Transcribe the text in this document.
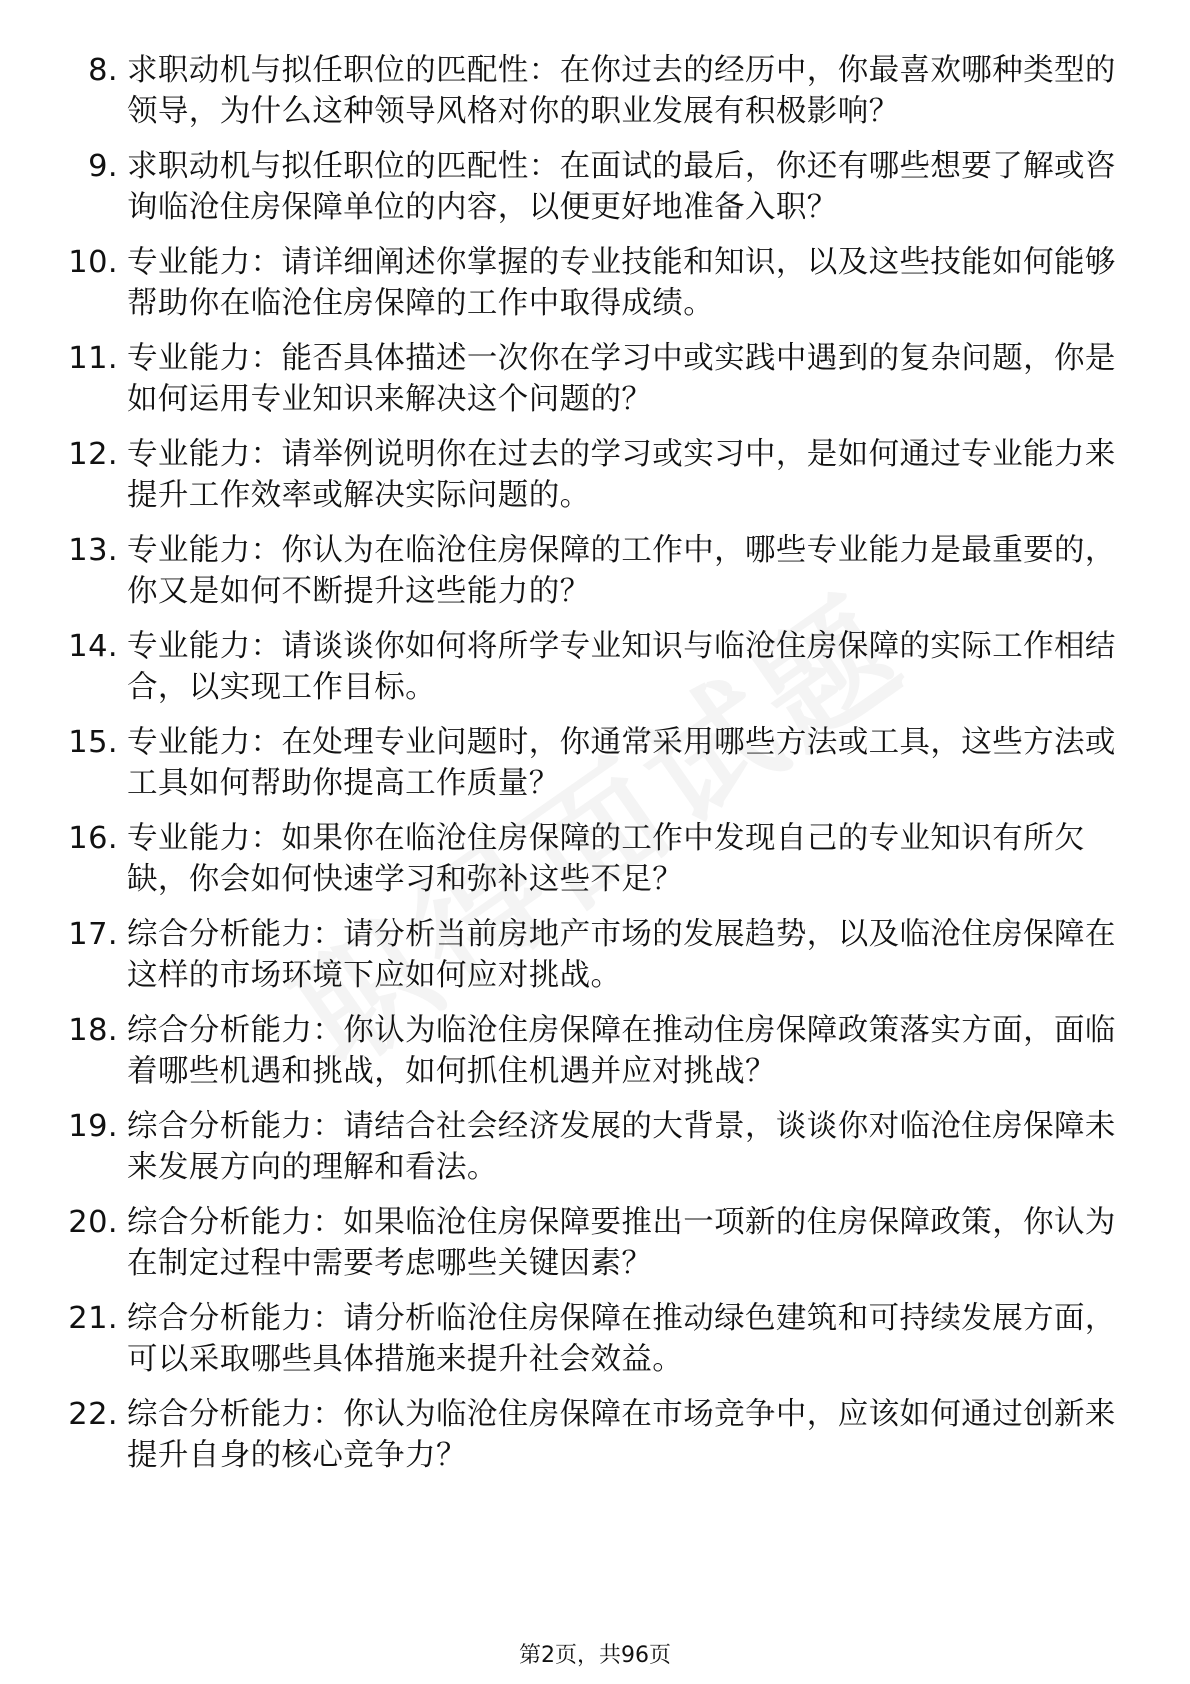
8. 求职动机与拟任职位的匹配性：在你过去的经历中，你最喜欢哪种类型的领导，为什么这种领导风格对你的职业发展有积极影响？
9. 求职动机与拟任职位的匹配性：在面试的最后，你还有哪些想要了解或咨询临沧住房保障单位的内容，以便更好地准备入职？
10. 专业能力：请详细阐述你掌握的专业技能和知识，以及这些技能如何能够帮助你在临沧住房保障的工作中取得成绩。
11. 专业能力：能否具体描述一次你在学习中或实践中遇到的复杂问题，你是如何运用专业知识来解决这个问题的？
12. 专业能力：请举例说明你在过去的学习或实习中，是如何通过专业能力来提升工作效率或解决实际问题的。
13. 专业能力：你认为在临沧住房保障的工作中，哪些专业能力是最重要的，你又是如何不断提升这些能力的？
14. 专业能力：请谈谈你如何将所学专业知识与临沧住房保障的实际工作相结合，以实现工作目标。
15. 专业能力：在处理专业问题时，你通常采用哪些方法或工具，这些方法或工具如何帮助你提高工作质量？
16. 专业能力：如果你在临沧住房保障的工作中发现自己的专业知识有所欠缺，你会如何快速学习和弥补这些不足？
17. 综合分析能力：请分析当前房地产市场的发展趋势，以及临沧住房保障在这样的市场环境下应如何应对挑战。
18. 综合分析能力：你认为临沧住房保障在推动住房保障政策落实方面，面临着哪些机遇和挑战，如何抓住机遇并应对挑战？
19. 综合分析能力：请结合社会经济发展的大背景，谈谈你对临沧住房保障未来发展方向的理解和看法。
20. 综合分析能力：如果临沧住房保障要推出一项新的住房保障政策，你认为在制定过程中需要考虑哪些关键因素？
21. 综合分析能力：请分析临沧住房保障在推动绿色建筑和可持续发展方面，可以采取哪些具体措施来提升社会效益。
22. 综合分析能力：你认为临沧住房保障在市场竞争中，应该如何通过创新来提升自身的核心竞争力？
第2页，共96页
